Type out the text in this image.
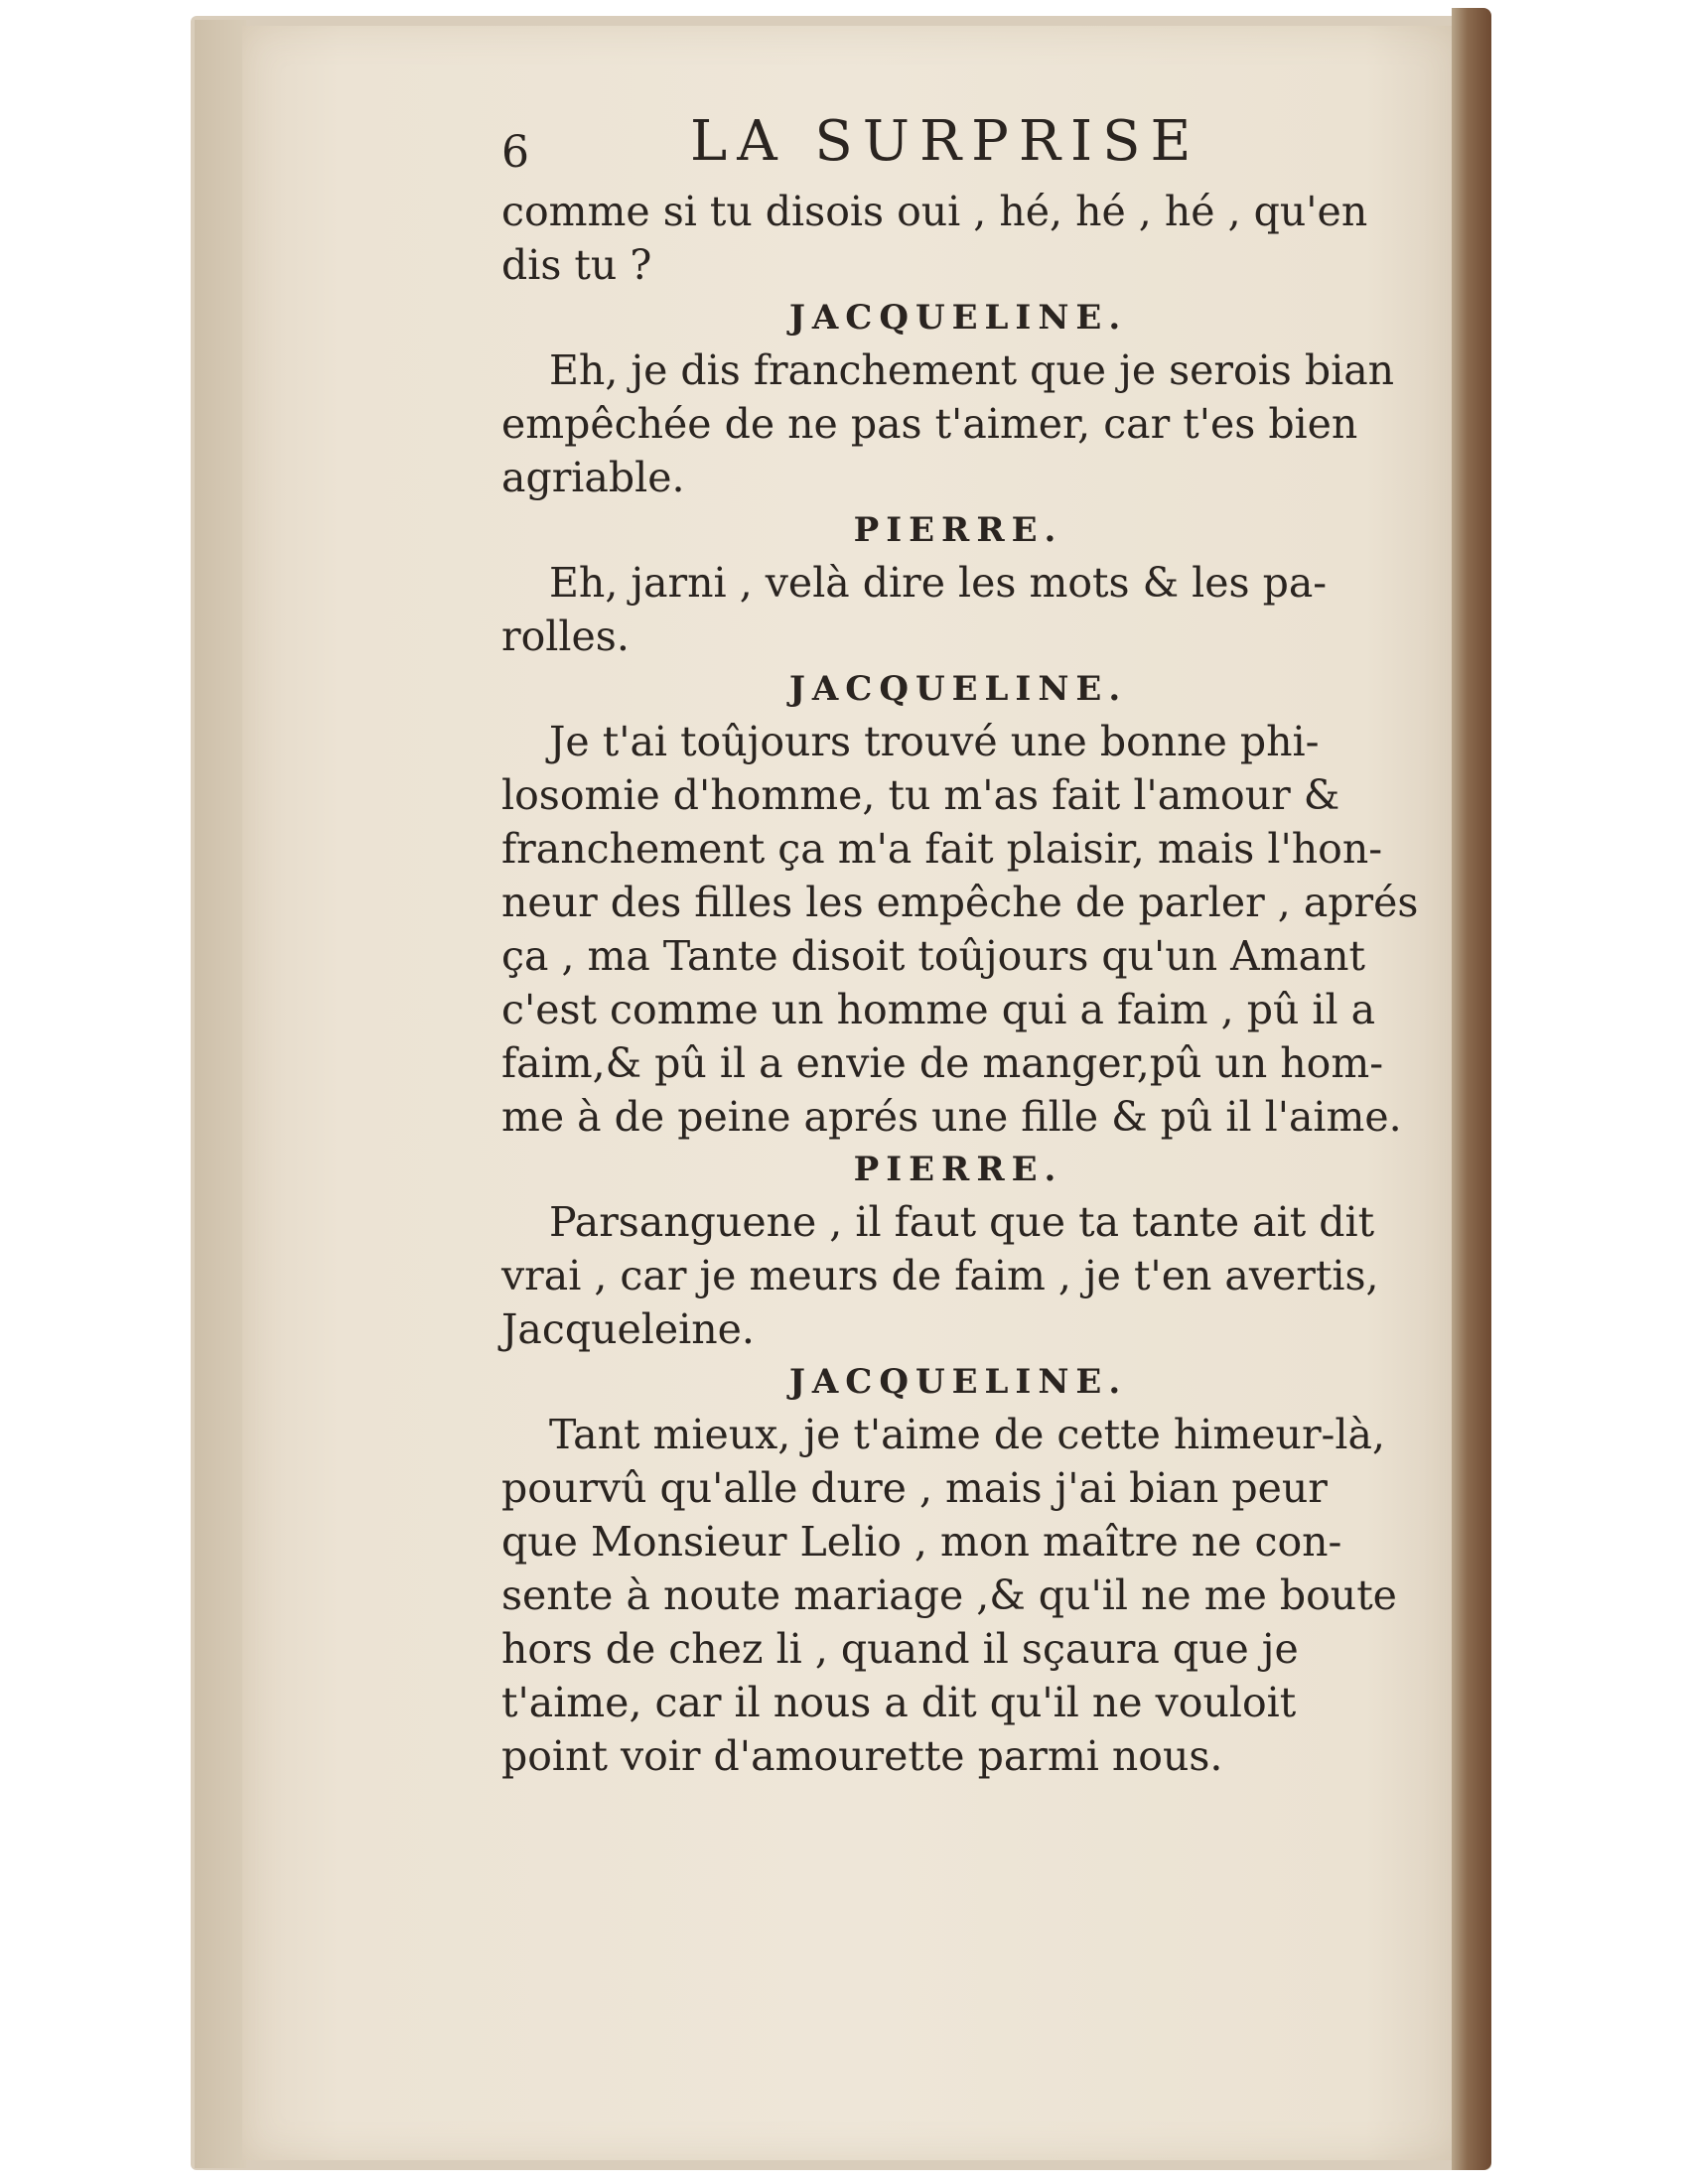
6	LA SURPRISE
comme si tu disois oui , hé, hé , hé , qu'en
dis tu ?
JACQUELINE.
Eh, je dis franchement que je serois bian
empêchée de ne pas t'aimer, car t'es bien
agriable.
PIERRE.
Eh, jarni , velà dire les mots & les pa-
rolles.
JACQUELINE.
Je t'ai toûjours trouvé une bonne phi-
losomie d'homme, tu m'as fait l'amour &
franchement ça m'a fait plaisir, mais l'hon-
neur des filles les empêche de parler , aprés
ça , ma Tante disoit toûjours qu'un Amant
c'est comme un homme qui a faim , pû il a
faim,& pû il a envie de manger,pû un hom-
me à de peine aprés une fille & pû il l'aime.
PIERRE.
Parsanguene , il faut que ta tante ait dit
vrai , car je meurs de faim , je t'en avertis,
Jacqueleine.
JACQUELINE.
Tant mieux, je t'aime de cette himeur-là,
pourvû qu'alle dure , mais j'ai bian peur
que Monsieur Lelio , mon maître ne con-
sente à noute mariage ,& qu'il ne me boute
hors de chez li , quand il sçaura que je
t'aime, car il nous a dit qu'il ne vouloit
point voir d'amourette parmi nous.
